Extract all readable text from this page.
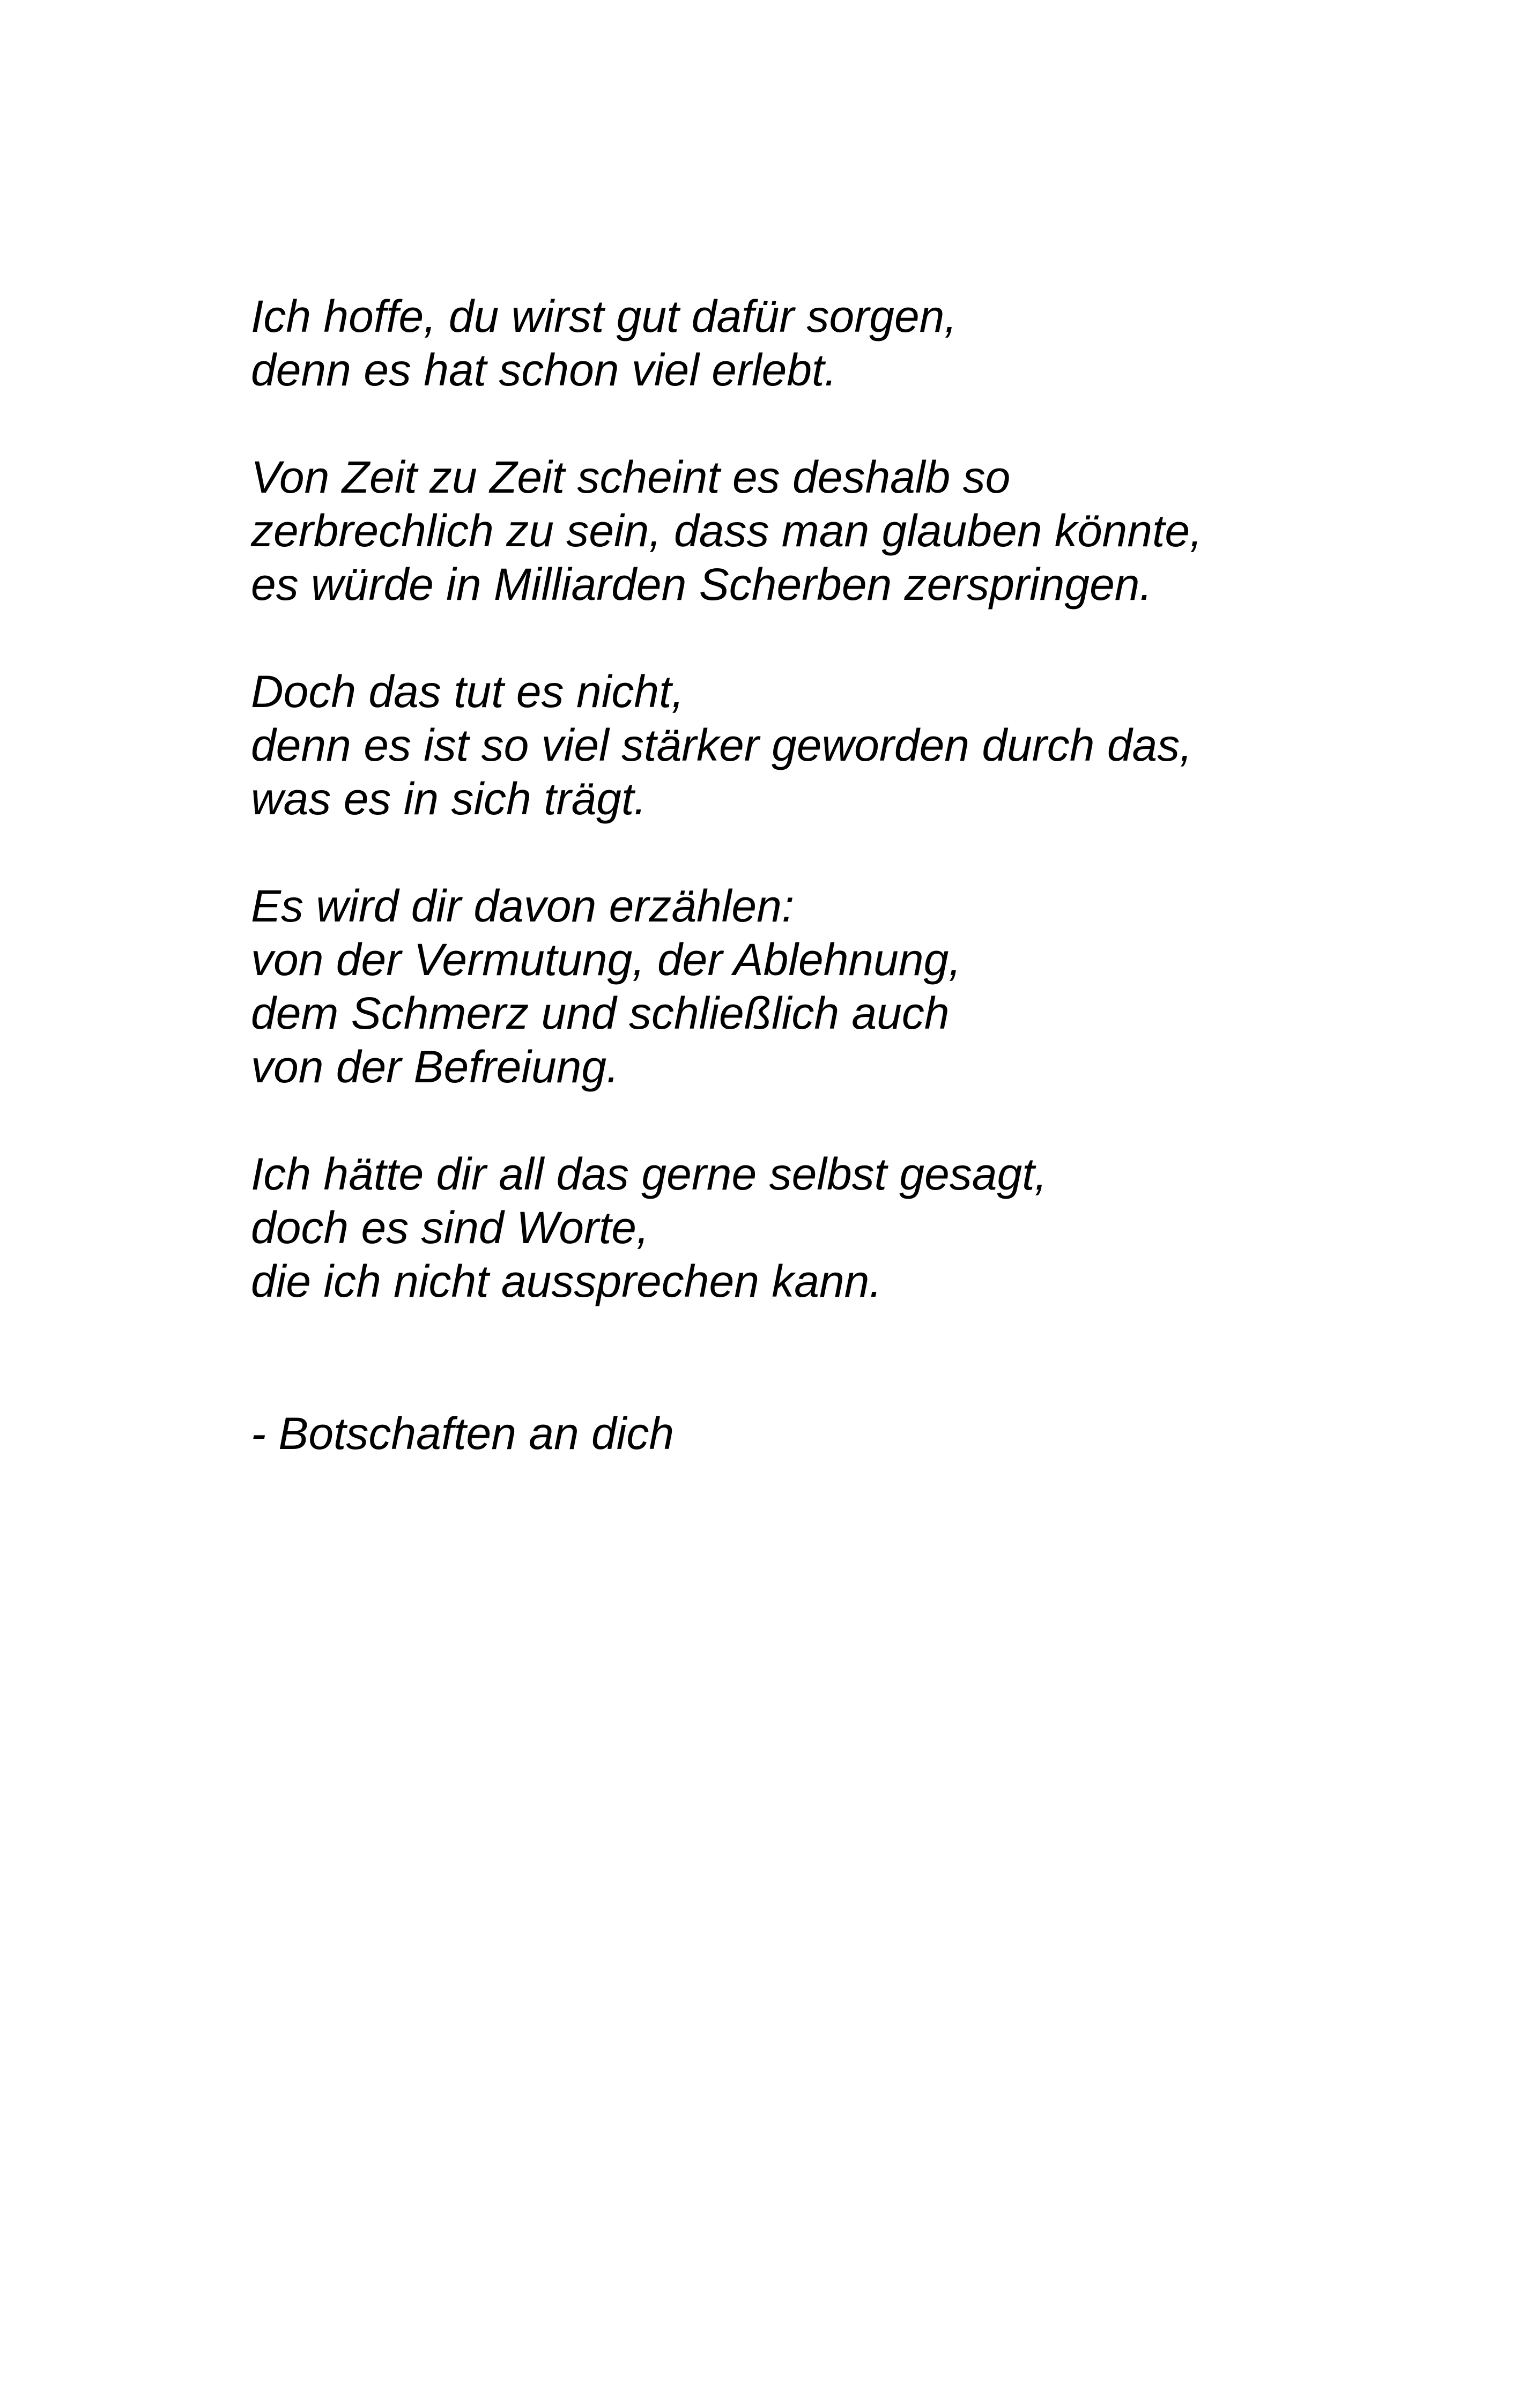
Ich hoffe, du wirst gut dafür sorgen,
denn es hat schon viel erlebt.
Von Zeit zu Zeit scheint es deshalb so
zerbrechlich zu sein, dass man glauben könnte,
es würde in Milliarden Scherben zerspringen.
Doch das tut es nicht,
denn es ist so viel stärker geworden durch das,
was es in sich trägt.
Es wird dir davon erzählen:
von der Vermutung, der Ablehnung,
dem Schmerz und schließlich auch
von der Befreiung.
Ich hätte dir all das gerne selbst gesagt,
doch es sind Worte,
die ich nicht aussprechen kann.
- Botschaften an dich
